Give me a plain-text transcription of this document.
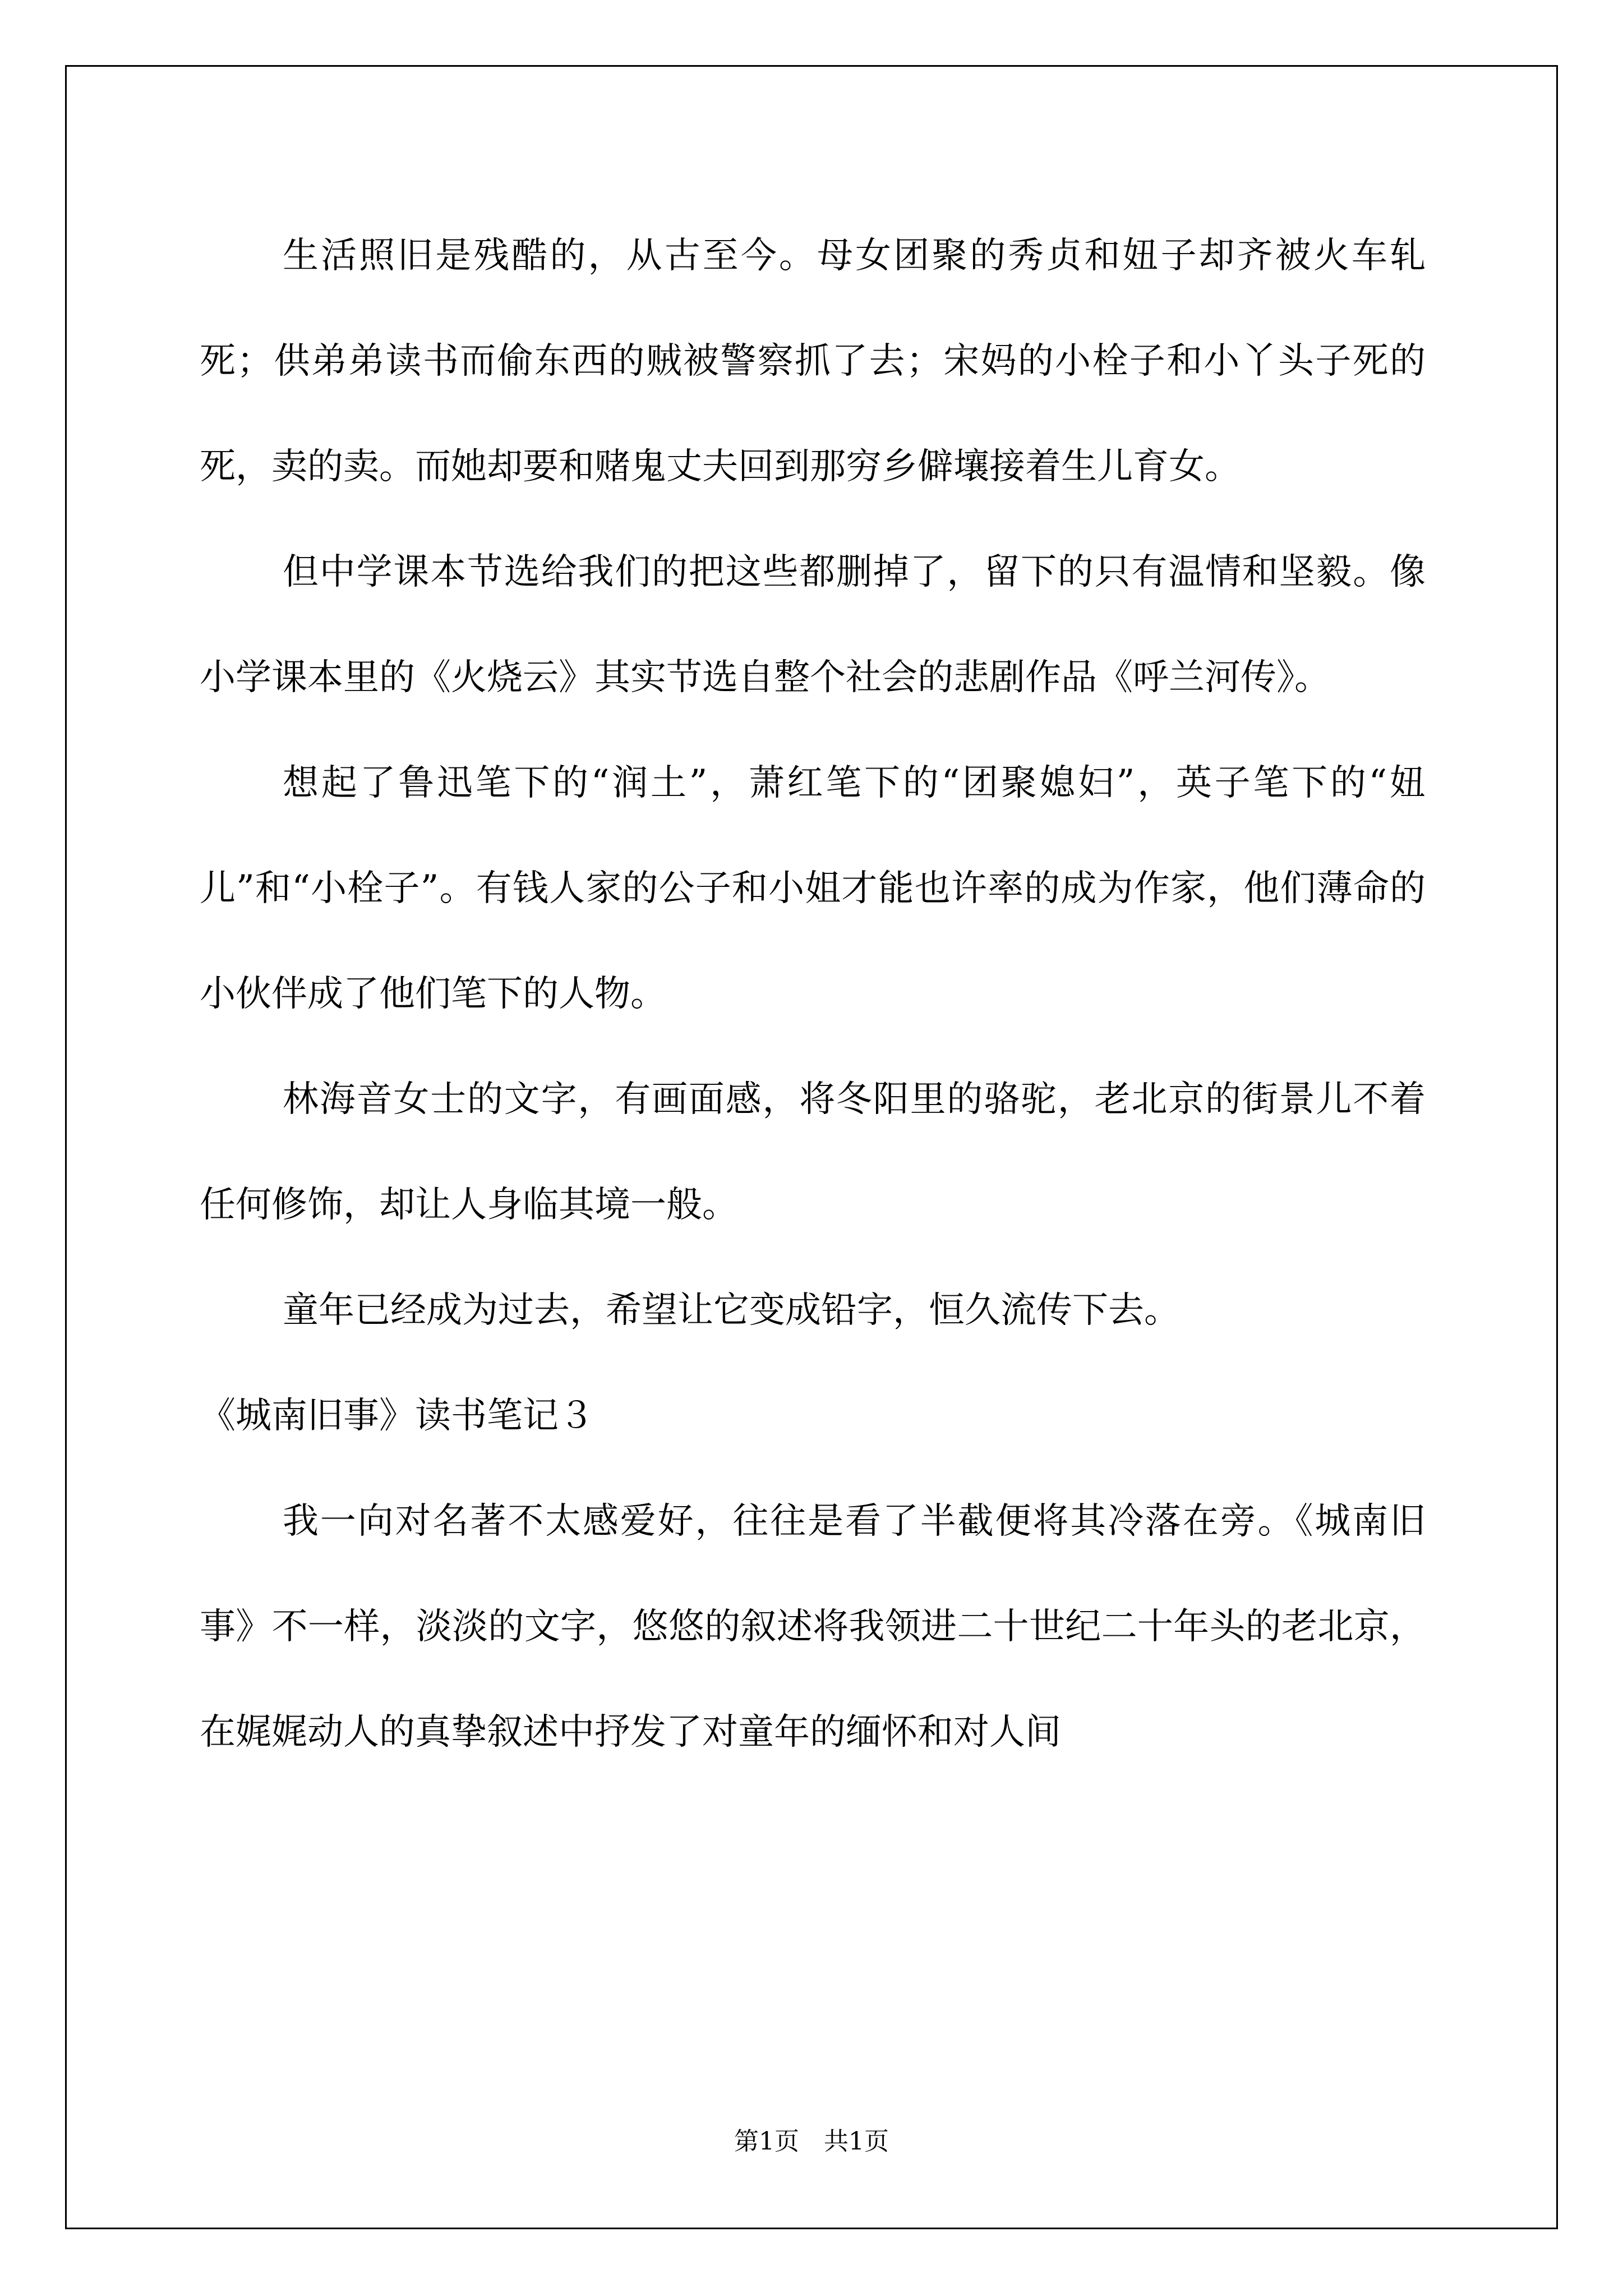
生活照旧是残酷的，从古至今。母女团聚的秀贞和妞子却齐被火车轧死；供弟弟读书而偷东西的贼被警察抓了去；宋妈的小栓子和小丫头子死的死，卖的卖。而她却要和赌鬼丈夫回到那穷乡僻壤接着生儿育女。

但中学课本节选给我们的把这些都删掉了，留下的只有温情和坚毅。像小学课本里的《火烧云》其实节选自整个社会的悲剧作品《呼兰河传》。

想起了鲁迅笔下的“润土”，萧红笔下的“团聚媳妇”，英子笔下的“妞儿”和“小栓子”。有钱人家的公子和小姐才能也许率的成为作家，他们薄命的小伙伴成了他们笔下的人物。

林海音女士的文字，有画面感，将冬阳里的骆驼，老北京的街景儿不着任何修饰，却让人身临其境一般。

童年已经成为过去，希望让它变成铅字，恒久流传下去。

《城南旧事》读书笔记３

我一向对名著不太感爱好，往往是看了半截便将其冷落在旁。《城南旧事》不一样，淡淡的文字，悠悠的叙述将我领进二十世纪二十年头的老北京，在娓娓动人的真挚叙述中抒发了对童年的缅怀和对人间

第1页 共1页
